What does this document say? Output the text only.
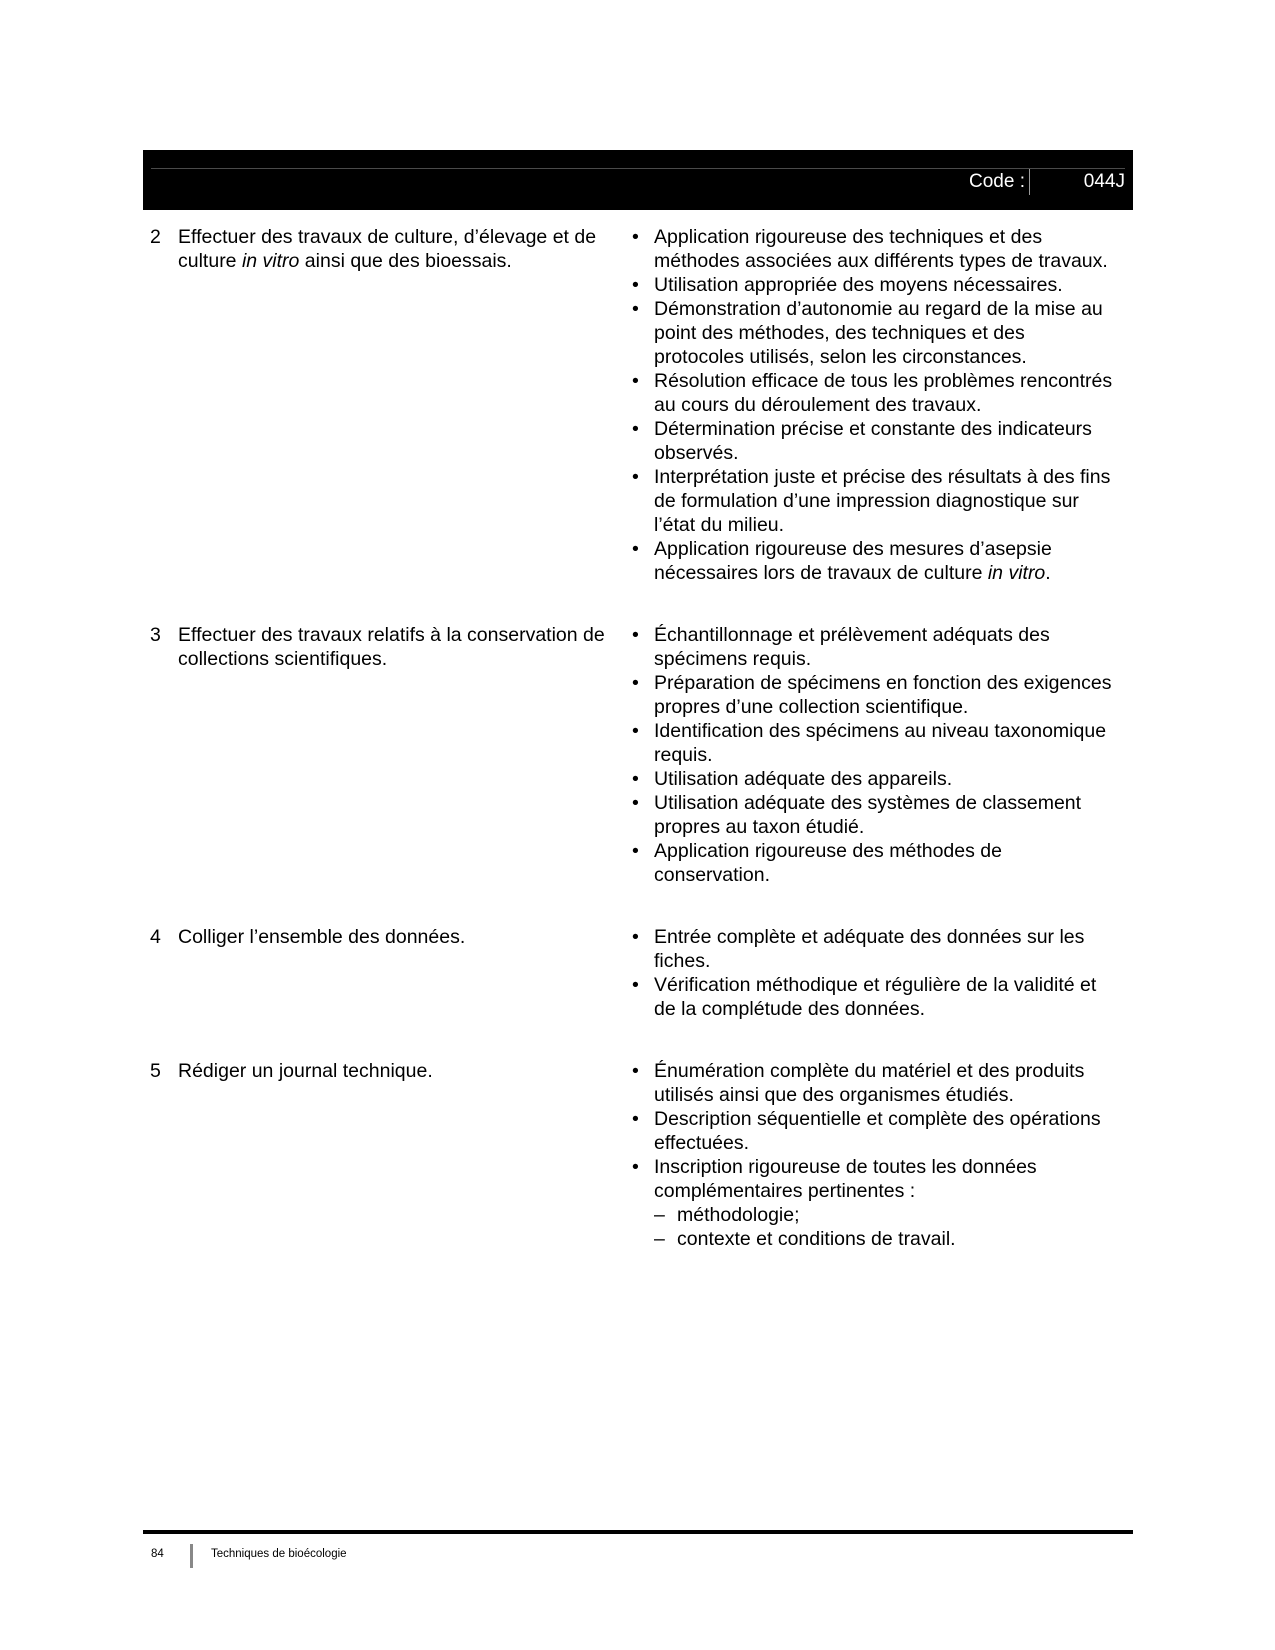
Code :	044J
2 Effectuer des travaux de culture, d’élevage et de culture in vitro ainsi que des bioessais.
• Application rigoureuse des techniques et des méthodes associées aux différents types de travaux.
• Utilisation appropriée des moyens nécessaires.
• Démonstration d’autonomie au regard de la mise au point des méthodes, des techniques et des protocoles utilisés, selon les circonstances.
• Résolution efficace de tous les problèmes rencontrés au cours du déroulement des travaux.
• Détermination précise et constante des indicateurs observés.
• Interprétation juste et précise des résultats à des fins de formulation d’une impression diagnostique sur l’état du milieu.
• Application rigoureuse des mesures d’asepsie nécessaires lors de travaux de culture in vitro.
3 Effectuer des travaux relatifs à la conservation de collections scientifiques.
• Échantillonnage et prélèvement adéquats des spécimens requis.
• Préparation de spécimens en fonction des exigences propres d’une collection scientifique.
• Identification des spécimens au niveau taxonomique requis.
• Utilisation adéquate des appareils.
• Utilisation adéquate des systèmes de classement propres au taxon étudié.
• Application rigoureuse des méthodes de conservation.
4 Colliger l’ensemble des données.	• Entrée complète et adéquate des données sur les fiches.
• Vérification méthodique et régulière de la validité et de la complétude des données.
5 Rédiger un journal technique.	• Énumération complète du matériel et des produits utilisés ainsi que des organismes étudiés.
• Description séquentielle et complète des opérations effectuées.
• Inscription rigoureuse de toutes les données complémentaires pertinentes :
– méthodologie;
– contexte et conditions de travail.
84	Techniques de bioécologie
